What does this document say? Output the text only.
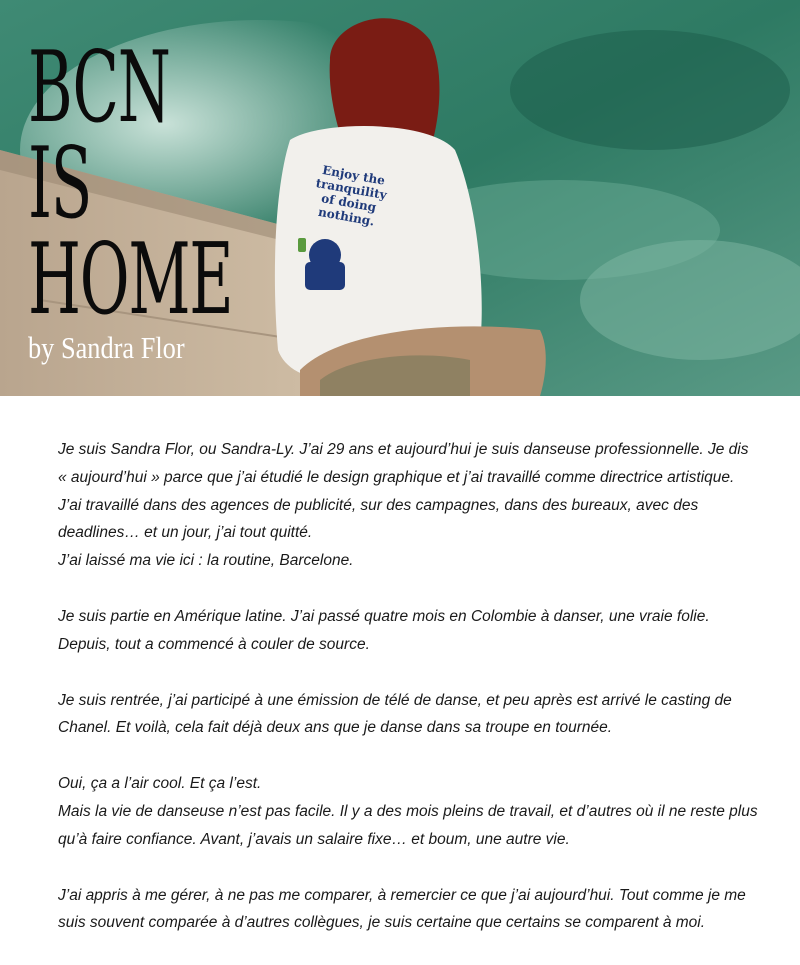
Enjoy the tranquility of doing nothing.
BCN
IS
HOME
by Sandra Flor

Je suis Sandra Flor, ou Sandra-Ly. J’ai 29 ans et aujourd’hui je suis danseuse professionnelle. Je dis « aujourd’hui » parce que j’ai étudié le design graphique et j’ai travaillé comme directrice artistique. J’ai travaillé dans des agences de publicité, sur des campagnes, dans des bureaux, avec des deadlines… et un jour, j’ai tout quitté.
J’ai laissé ma vie ici : la routine, Barcelone.

Je suis partie en Amérique latine. J’ai passé quatre mois en Colombie à danser, une vraie folie. Depuis, tout a commencé à couler de source.

Je suis rentrée, j’ai participé à une émission de télé de danse, et peu après est arrivé le casting de Chanel. Et voilà, cela fait déjà deux ans que je danse dans sa troupe en tournée.

Oui, ça a l’air cool. Et ça l’est.
Mais la vie de danseuse n’est pas facile. Il y a des mois pleins de travail, et d’autres où il ne reste plus qu’à faire confiance. Avant, j’avais un salaire fixe… et boum, une autre vie.

J’ai appris à me gérer, à ne pas me comparer, à remercier ce que j’ai aujourd’hui. Tout comme je me suis souvent comparée à d’autres collègues, je suis certaine que certains se comparent à moi.
